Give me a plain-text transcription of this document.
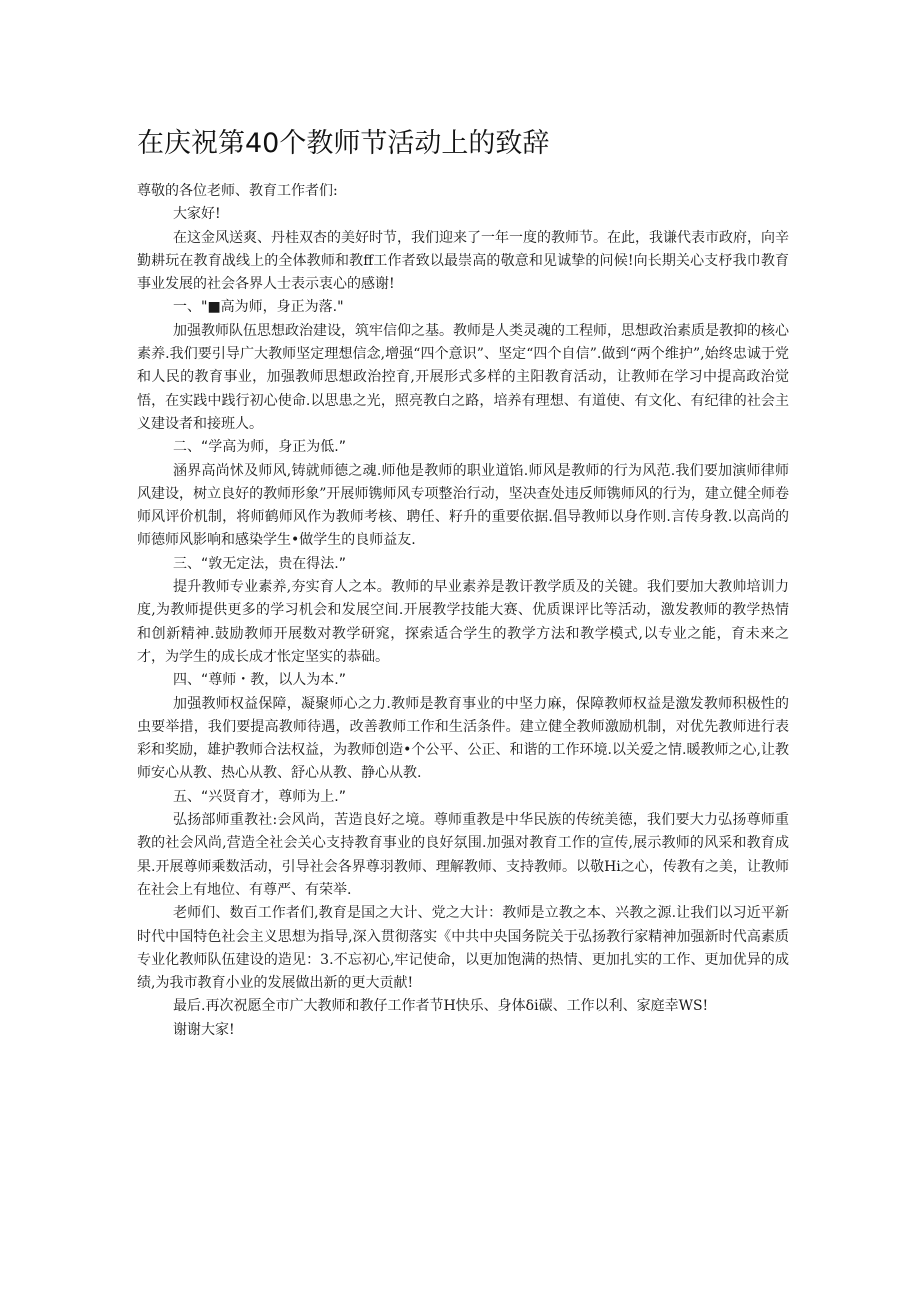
在庆祝第40个教师节活动上的致辞

尊敬的各位老师、教育工作者们:

大家好!

在这金风送爽、丹桂双杏的美好时节，我们迎来了一年一度的教师节。在此，我谦代表市政府，向辛勤耕玩在教育战线上的全体教师和教ff工作者致以最崇高的敬意和见诚挚的问候!向长期关心支杼我巾教育事业发展的社会各界人士表示衷心的感谢!

一、"■高为师，身正为落."

加强教师队伍思想政治建设，筑牢信仰之基。教师是人类灵魂的工程师，思想政治素质是教抑的核心素养.我们要引导广大教师坚定理想信念,增强“四个意识”、坚定“四个自信”.做到“两个维护”,始终忠诚于党和人民的教育事业，加强教师思想政治控育,开展形式多样的主阳教育活动，让教师在学习中提高政治觉悟，在实践中践行初心使命.以思患之光，照亮教白之路，培养有理想、有道使、有文化、有纪律的社会主义建设者和接班人。

二、“学高为师，身正为低.”

涵界高尚怵及师风,铸就师德之魂.师他是教师的职业道馅.师风是教师的行为风范.我们要加演师律师风建设，树立良好的教师形象”开展师镌师风专项整治行动，坚决查处违反师镌师风的行为，建立健全师卷师风评价机制，将师鹤师风作为教师考核、聘任、籽升的重要依据.倡导教师以身作则.言传身教.以高尚的师德师风影响和感染学生•做学生的良师益友.

三、“敦无定法，贵在得法.”

提升教师专业素养,夯实育人之本。教师的早业素养是教讦教学质及的关键。我们要加大教帅培训力度,为教师提供更多的学习机会和发展空间.开展教学技能大赛、优质课评比等活动，激发教师的教学热情和创新精神.鼓励教师开展数对教学研窕，探索适合学生的教学方法和教学模式,以专业之能，育未来之才，为学生的成长成才怅定坚实的恭础。

四、“尊师・教，以人为本.”

加强教师权益保障，凝聚师心之力.教师是教育事业的中坚力麻，保障教师权益是激发教师积极性的虫要举措，我们要提高教师待遇，改善教师工作和生活条件。建立健全教师激励机制，对优先教师进行表彩和奖励，雄护教师合法权益，为教师创造•个公平、公正、和谐的工作环境.以关爱之情.暖教师之心,让教师安心从教、热心从教、舒心从教、静心从教.

五、“兴贤育才，尊师为上.”

弘扬部师重教社:会风尚，苦造良好之境。尊师重教是中华民族的传统美德，我们要大力弘扬尊师重教的社会风尚,营造全社会关心支持教育事业的良好氛围.加强对教育工作的宣传,展示教师的风采和教育成果.开展尊师乘数活动，引导社会各界尊羽教师、理解教师、支持教师。以敬Hi之心，传教有之美，让教师在社会上有地位、有尊严、有荣举.

老师们、数百工作者们,教育是国之大计、党之大计：教师是立教之本、兴教之源.让我们以习近平新时代中国特色社会主义思想为指导,深入贯彻落实《中共中央国务院关于弘扬教行家精神加强新时代高素质专业化教师队伍建设的造见：3.不忘初心,牢记使命，以更加饱满的热情、更加扎实的工作、更加优异的成绩,为我市教育小业的发展做出新的更大贡献!

最后.再次祝愿全市广大教师和教仔工作者节H快乐、身体δi碳、工作以利、家庭幸WS!

谢谢大家!
